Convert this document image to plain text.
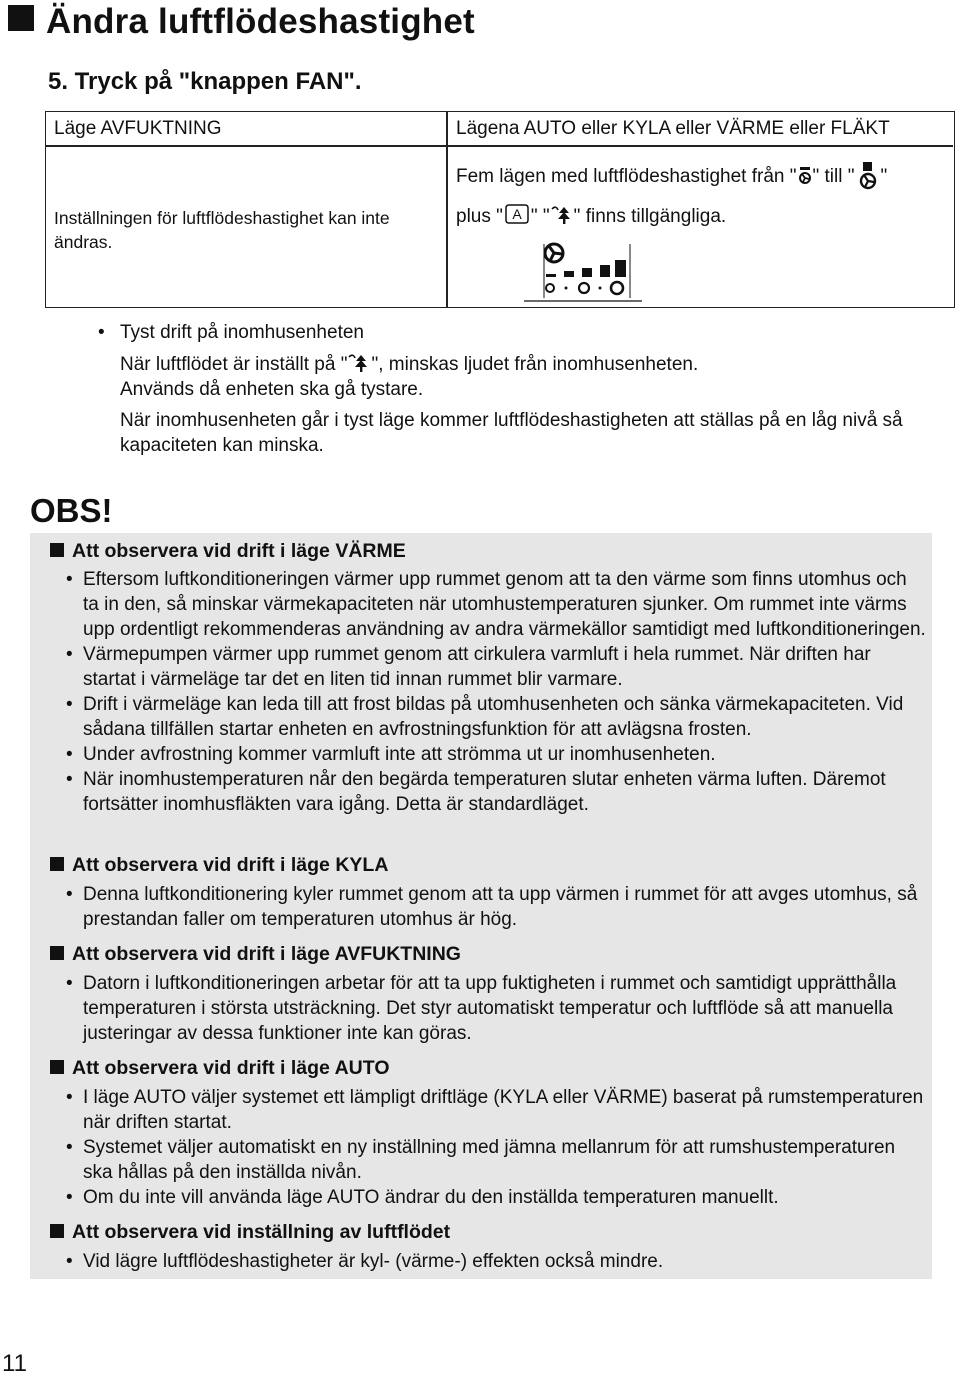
Ändra luftflödeshastighet
5. Tryck på "knappen FAN".
Läge AVFUKTNING	Lägena AUTO eller KYLA eller VÄRME eller FLÄKT
Inställningen för luftflödeshastighet kan inte ändras.
Fem lägen med luftflödeshastighet från " " till " "
plus " A " " " finns tillgängliga.
• Tyst drift på inomhusenheten
När luftflödet är inställt på " ", minskas ljudet från inomhusenheten.
Används då enheten ska gå tystare.
När inomhusenheten går i tyst läge kommer luftflödeshastigheten att ställas på en låg nivå så kapaciteten kan minska.
OBS!
Att observera vid drift i läge VÄRME
• Eftersom luftkonditioneringen värmer upp rummet genom att ta den värme som finns utomhus och ta in den, så minskar värmekapaciteten när utomhustemperaturen sjunker. Om rummet inte värms upp ordentligt rekommenderas användning av andra värmekällor samtidigt med luftkonditioneringen.
• Värmepumpen värmer upp rummet genom att cirkulera varmluft i hela rummet. När driften har startat i värmeläge tar det en liten tid innan rummet blir varmare.
• Drift i värmeläge kan leda till att frost bildas på utomhusenheten och sänka värmekapaciteten. Vid sådana tillfällen startar enheten en avfrostningsfunktion för att avlägsna frosten.
• Under avfrostning kommer varmluft inte att strömma ut ur inomhusenheten.
• När inomhustemperaturen når den begärda temperaturen slutar enheten värma luften. Däremot fortsätter inomhusfläkten vara igång. Detta är standardläget.
Att observera vid drift i läge KYLA
• Denna luftkonditionering kyler rummet genom att ta upp värmen i rummet för att avges utomhus, så prestandan faller om temperaturen utomhus är hög.
Att observera vid drift i läge AVFUKTNING
• Datorn i luftkonditioneringen arbetar för att ta upp fuktigheten i rummet och samtidigt upprätthålla temperaturen i största utsträckning. Det styr automatiskt temperatur och luftflöde så att manuella justeringar av dessa funktioner inte kan göras.
Att observera vid drift i läge AUTO
• I läge AUTO väljer systemet ett lämpligt driftläge (KYLA eller VÄRME) baserat på rumstemperaturen när driften startat.
• Systemet väljer automatiskt en ny inställning med jämna mellanrum för att rumshustemperaturen ska hållas på den inställda nivån.
• Om du inte vill använda läge AUTO ändrar du den inställda temperaturen manuellt.
Att observera vid inställning av luftflödet
• Vid lägre luftflödeshastigheter är kyl- (värme-) effekten också mindre.
11
